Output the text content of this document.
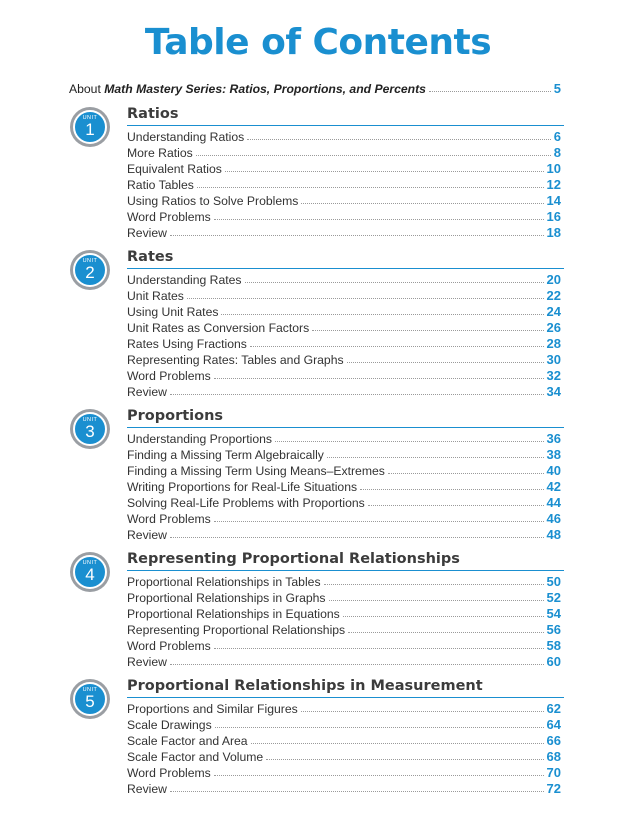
Table of Contents
About Math Mastery Series: Ratios, Proportions, and Percents	5
UNIT
1
Ratios
Understanding Ratios	6
More Ratios	8
Equivalent Ratios	10
Ratio Tables	12
Using Ratios to Solve Problems	14
Word Problems	16
Review	18
UNIT
2
Rates
Understanding Rates	20
Unit Rates	22
Using Unit Rates	24
Unit Rates as Conversion Factors	26
Rates Using Fractions	28
Representing Rates: Tables and Graphs	30
Word Problems	32
Review	34
UNIT
3
Proportions
Understanding Proportions	36
Finding a Missing Term Algebraically	38
Finding a Missing Term Using Means–Extremes	40
Writing Proportions for Real-Life Situations	42
Solving Real-Life Problems with Proportions	44
Word Problems	46
Review	48
UNIT
4
Representing Proportional Relationships
Proportional Relationships in Tables	50
Proportional Relationships in Graphs	52
Proportional Relationships in Equations	54
Representing Proportional Relationships	56
Word Problems	58
Review	60
UNIT
5
Proportional Relationships in Measurement
Proportions and Similar Figures	62
Scale Drawings	64
Scale Factor and Area	66
Scale Factor and Volume	68
Word Problems	70
Review	72
